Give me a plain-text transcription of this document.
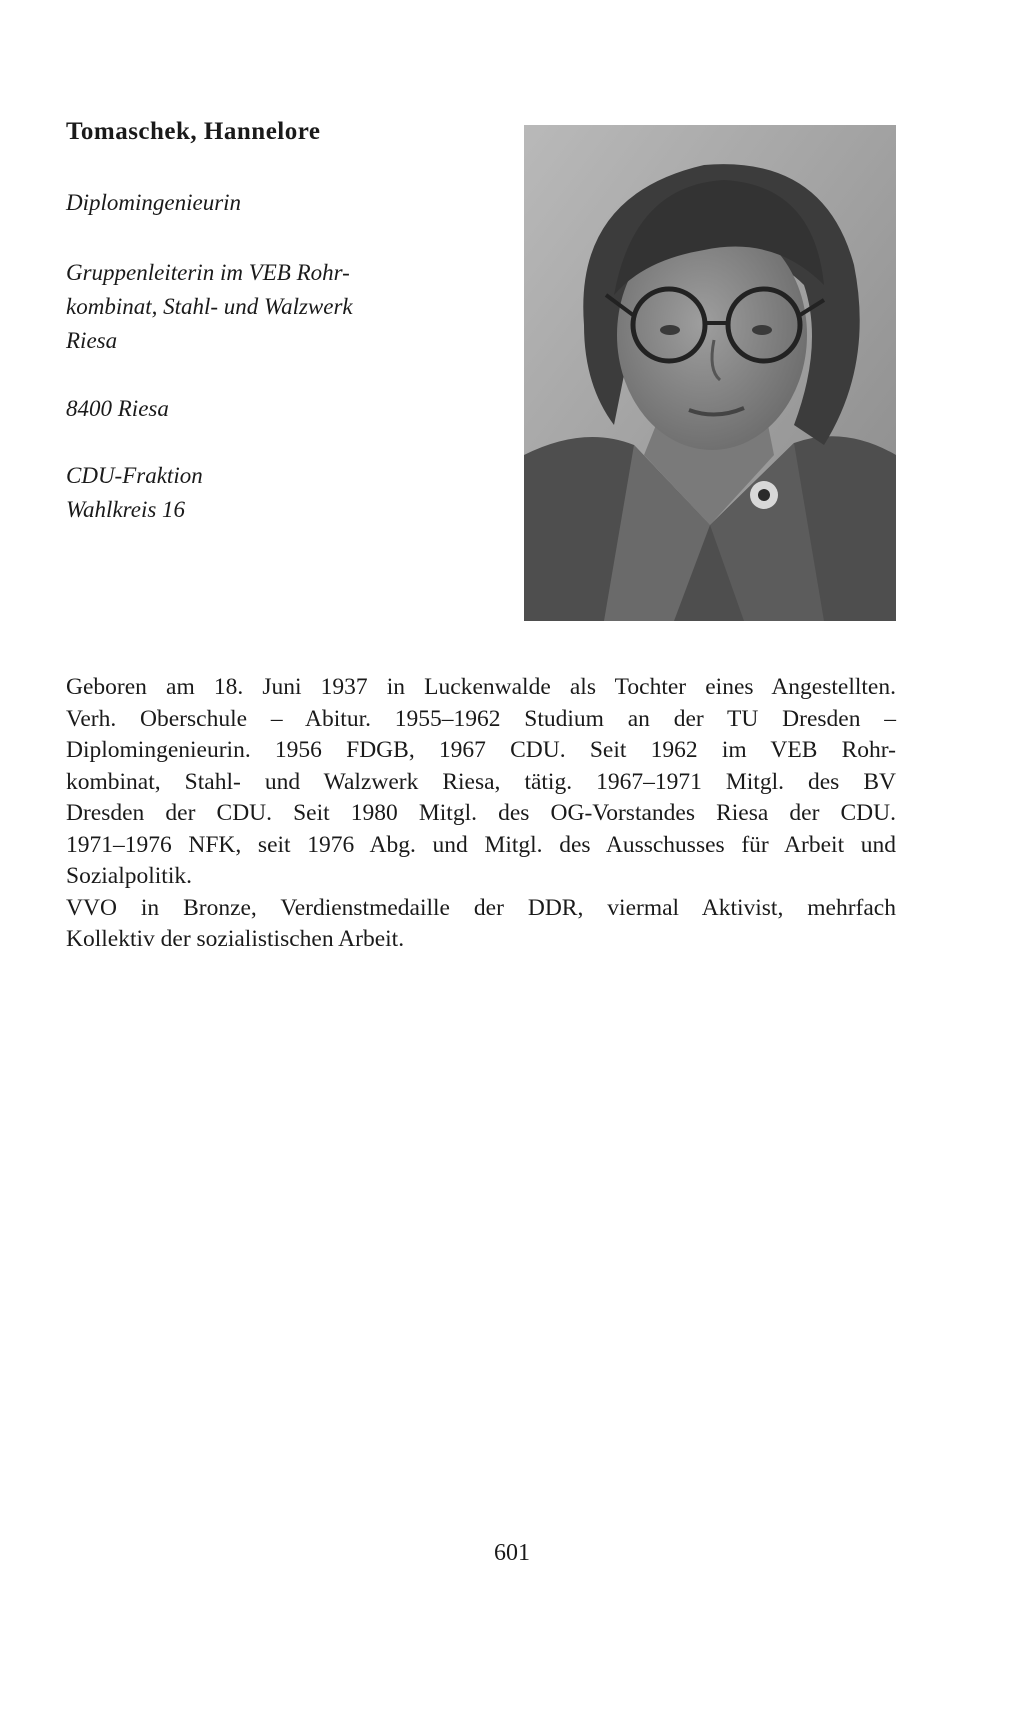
Tomaschek, Hannelore

Diplomingenieurin

Gruppenleiterin im VEB Rohr-

kombinat, Stahl- und Walzwerk

Riesa

8400 Riesa

CDU-Fraktion

Wahlkreis 16

Geboren am 18. Juni 1937 in Luckenwalde als Tochter eines Angestellten.
Verh. Oberschule – Abitur. 1955–1962 Studium an der TU Dresden –
Diplomingenieurin. 1956 FDGB, 1967 CDU. Seit 1962 im VEB Rohr-
kombinat, Stahl- und Walzwerk Riesa, tätig. 1967–1971 Mitgl. des BV
Dresden der CDU. Seit 1980 Mitgl. des OG-Vorstandes Riesa der CDU.
1971–1976 NFK, seit 1976 Abg. und Mitgl. des Ausschusses für Arbeit und
Sozialpolitik.
VVO in Bronze, Verdienstmedaille der DDR, viermal Aktivist, mehrfach
Kollektiv der sozialistischen Arbeit.
601
